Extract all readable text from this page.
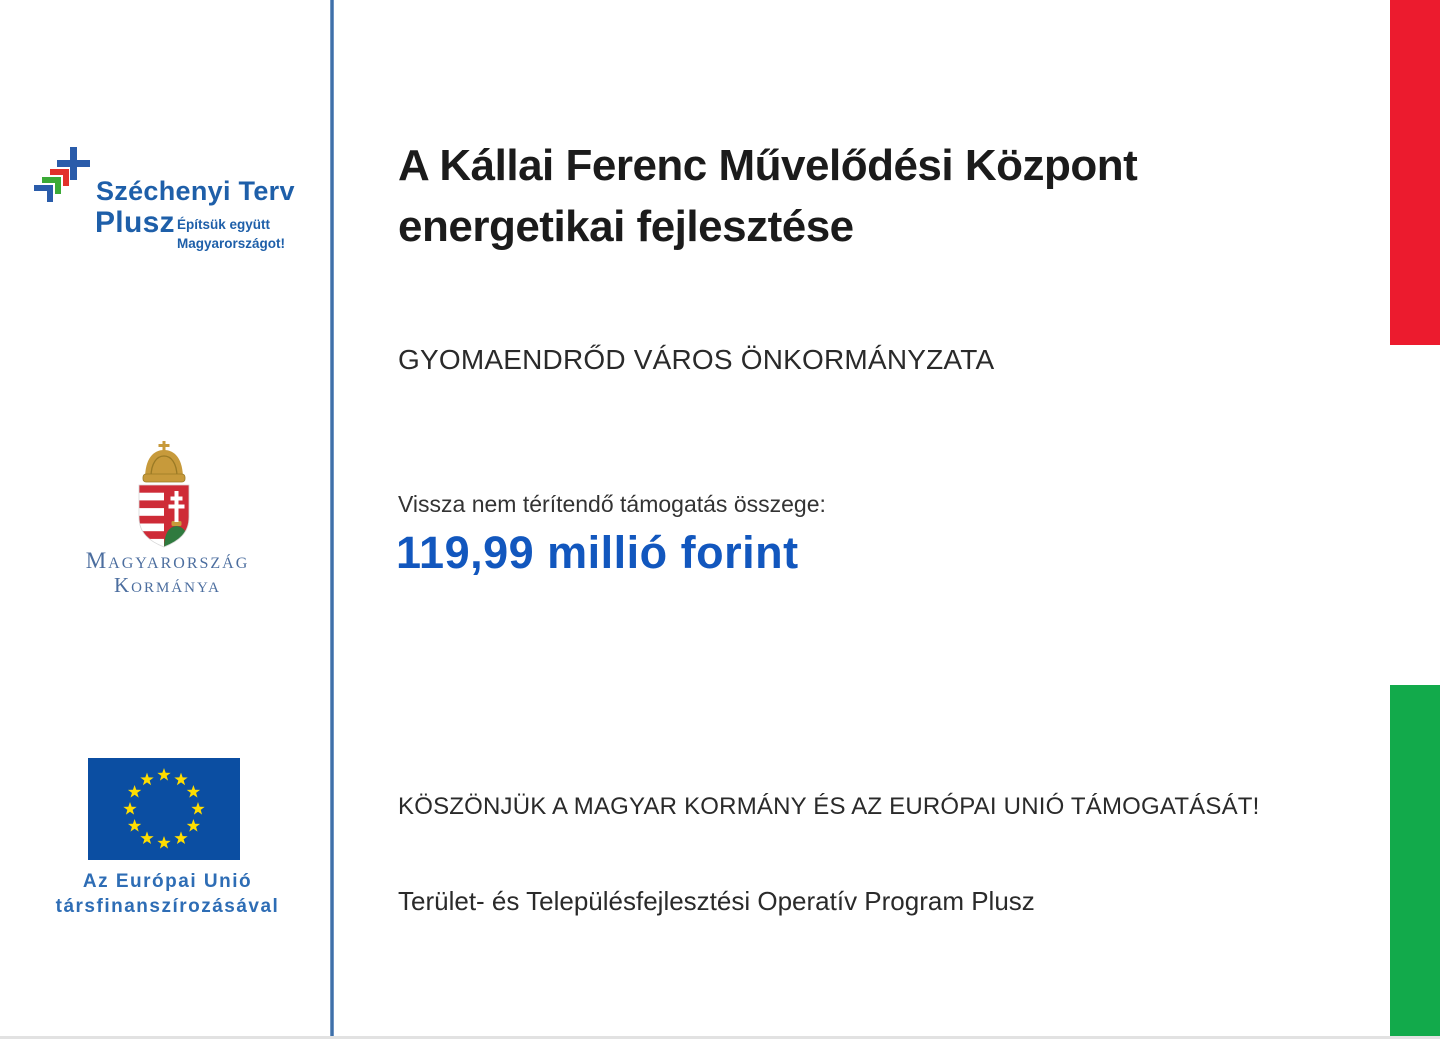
Széchenyi Terv
Plusz Építsük együtt
Magyarországot!
Magyarország
Kormánya
Az Európai Unió
társfinanszírozásával
A Kállai Ferenc Művelődési Központ energetikai fejlesztése
GYOMAENDRŐD VÁROS ÖNKORMÁNYZATA
Vissza nem térítendő támogatás összege:
119,99 millió forint
KÖSZÖNJÜK A MAGYAR KORMÁNY ÉS AZ EURÓPAI UNIÓ TÁMOGATÁSÁT!
Terület- és Településfejlesztési Operatív Program Plusz
